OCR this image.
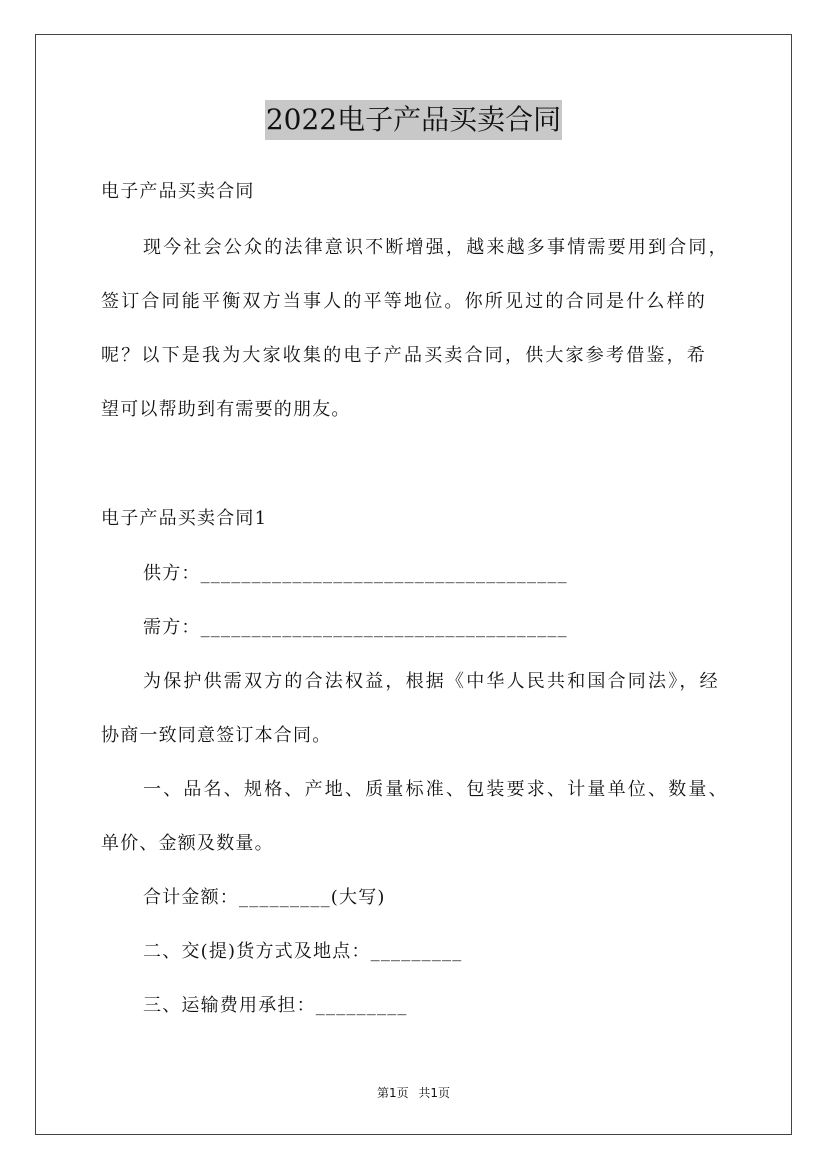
2022电子产品买卖合同
电子产品买卖合同
现今社会公众的法律意识不断增强，越来越多事情需要用到合同，
签订合同能平衡双方当事人的平等地位。你所见过的合同是什么样的
呢？以下是我为大家收集的电子产品买卖合同，供大家参考借鉴，希
望可以帮助到有需要的朋友。
电子产品买卖合同1
供方：____________________________________
需方：____________________________________
为保护供需双方的合法权益，根据《中华人民共和国合同法》，经
协商一致同意签订本合同。
一、品名、规格、产地、质量标准、包装要求、计量单位、数量、
单价、金额及数量。
合计金额：_________(大写)
二、交(提)货方式及地点：_________
三、运输费用承担：_________
第1页 共1页
